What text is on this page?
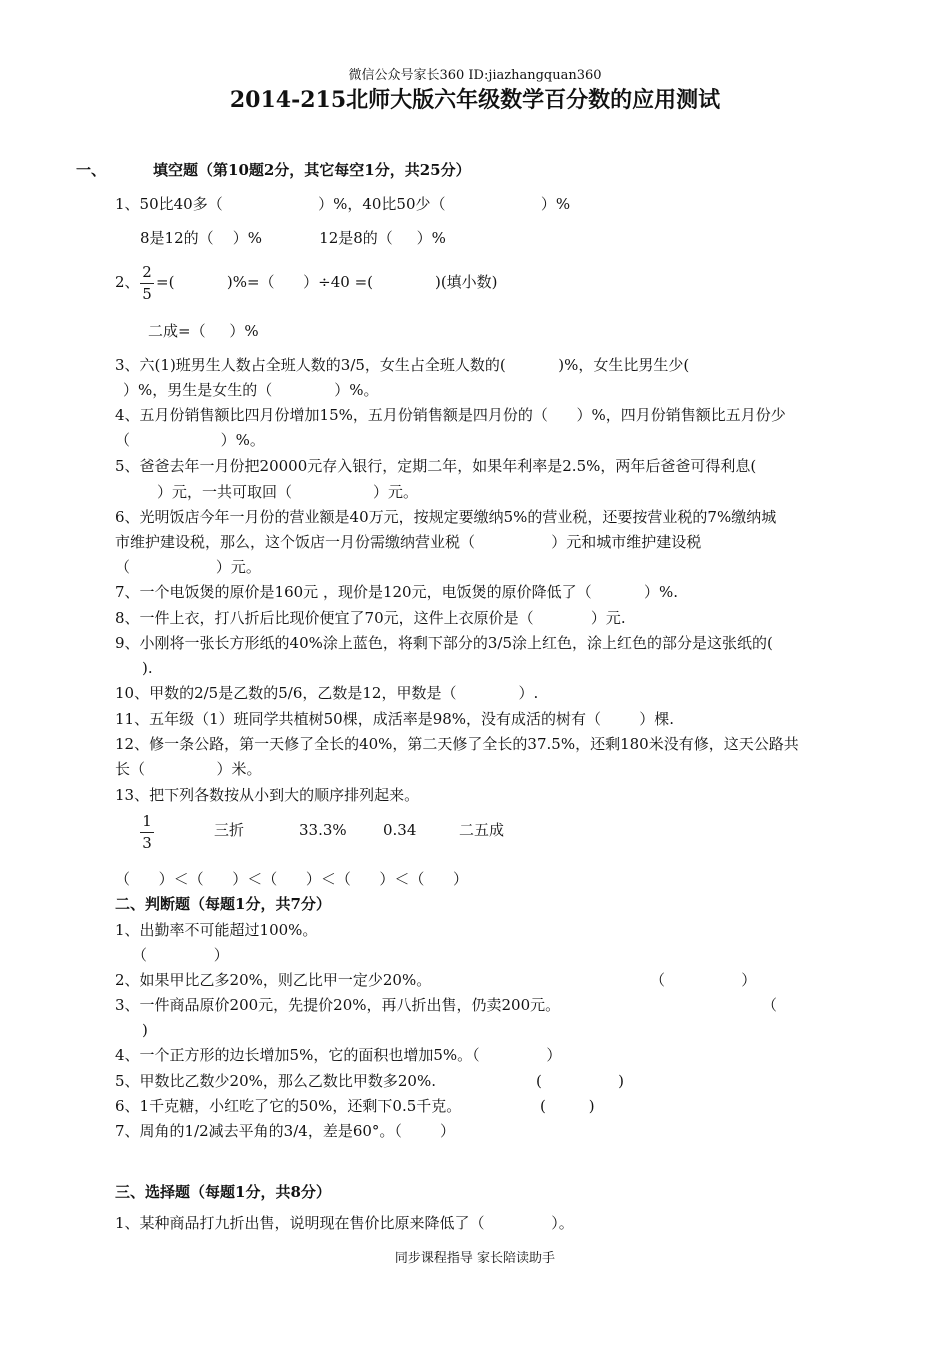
微信公众号家长360 ID:jiazhangquan360
2014-215北师大版六年级数学百分数的应用测试
一、	填空题（第10题2分，其它每空1分，共25分）
1、50比40多（                    ）%，40比50少（                    ）%
8是12的（    ）%            12是8的（     ）%
2、
2
5
=(           )%=（      ）÷40 =(             )(填小数)
二成=（     ）%
3、六(1)班男生人数占全班人数的3/5，女生占全班人数的(           )%，女生比男生少(
）%，男生是女生的（             ）%。
4、五月份销售额比四月份增加15%，五月份销售额是四月份的（      ）%，四月份销售额比五月份少
（                   ）%。
5、爸爸去年一月份把20000元存入银行，定期二年，如果年利率是2.5%，两年后爸爸可得利息(
）元，一共可取回（                 ）元。
6、光明饭店今年一月份的营业额是40万元，按规定要缴纳5%的营业税，还要按营业税的7%缴纳城
市维护建设税，那么，这个饭店一月份需缴纳营业税（                ）元和城市维护建设税
（                  ）元。
7、一个电饭煲的原价是160元 ，现价是120元，电饭煲的原价降低了（           ）%.
8、一件上衣，打八折后比现价便宜了70元，这件上衣原价是（            ）元.
9、小刚将一张长方形纸的40%涂上蓝色，将剩下部分的3/5涂上红色，涂上红色的部分是这张纸的(
).
10、甲数的2/5是乙数的5/6，乙数是12，甲数是（             ）.
11、五年级（1）班同学共植树50棵，成活率是98%，没有成活的树有（        ）棵.
12、修一条公路，第一天修了全长的40%，第二天修了全长的37.5%，还剩180米没有修，这天公路共
长（               ）米。
13、把下列各数按从小到大的顺序排列起来。
1
3
三折	33.3% 0.34	二五成
（      ）＜（      ）＜（      ）＜（      ）＜（      ）
二、判断题（每题1分，共7分）
1、出勤率不可能超过100%。
（              ）
2、如果甲比乙多20%，则乙比甲一定少20%。	（                ）
3、一件商品原价200元，先提价20%，再八折出售，仍卖200元。	（
)
4、一个正方形的边长增加5%，它的面积也增加5%。（              ）
5、甲数比乙数少20%，那么乙数比甲数多20%.	(                )
6、1千克糖，小红吃了它的50%，还剩下0.5千克。	(         )
7、周角的1/2减去平角的3/4，差是60°。（        ）
三、选择题（每题1分，共8分）
1、某种商品打九折出售，说明现在售价比原来降低了（              ）。
同步课程指导 家长陪读助手
